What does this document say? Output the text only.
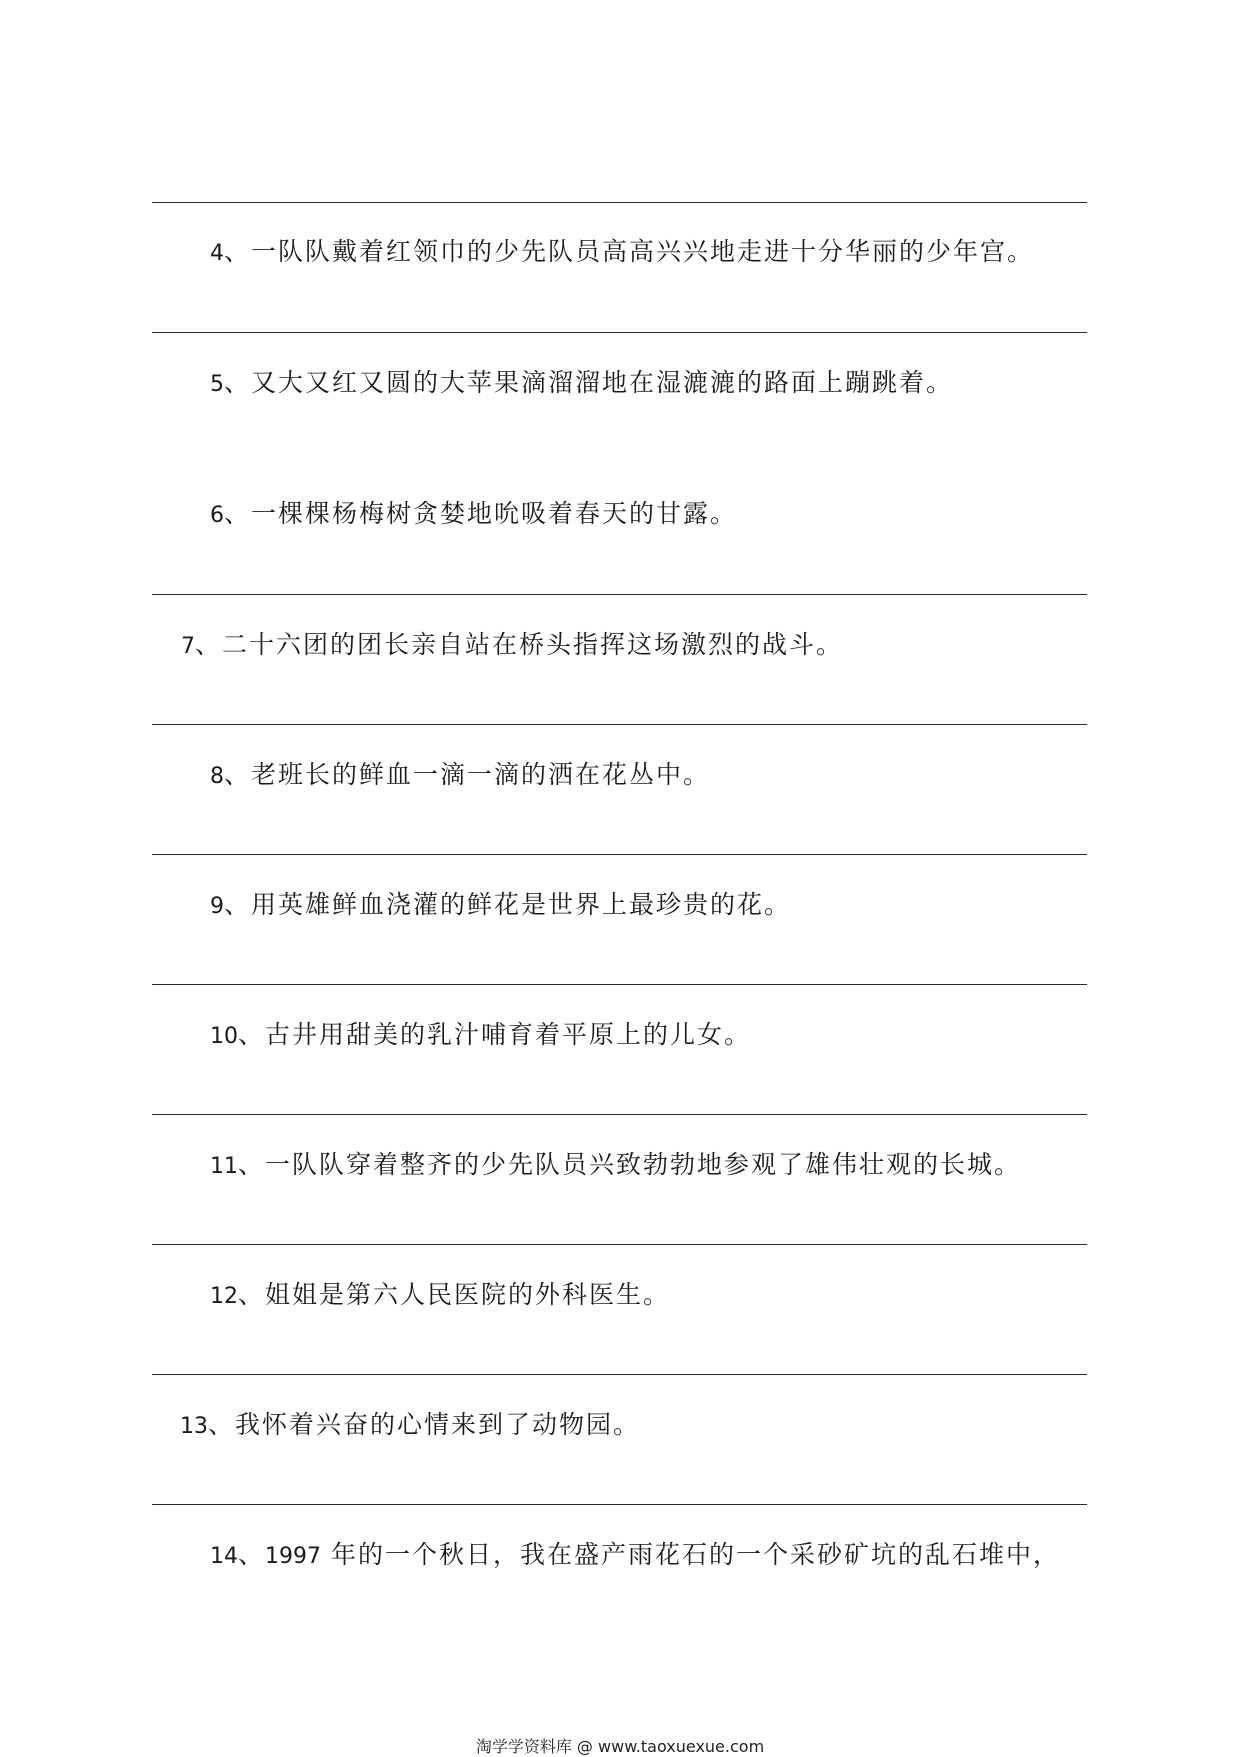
4、一队队戴着红领巾的少先队员高高兴兴地走进十分华丽的少年宫。
5、又大又红又圆的大苹果滴溜溜地在湿漉漉的路面上蹦跳着。
6、一棵棵杨梅树贪婪地吮吸着春天的甘露。
7、二十六团的团长亲自站在桥头指挥这场激烈的战斗。
8、老班长的鲜血一滴一滴的洒在花丛中。
9、用英雄鲜血浇灌的鲜花是世界上最珍贵的花。
10、古井用甜美的乳汁哺育着平原上的儿女。
11、一队队穿着整齐的少先队员兴致勃勃地参观了雄伟壮观的长城。
12、姐姐是第六人民医院的外科医生。
13、我怀着兴奋的心情来到了动物园。
14、1997 年的一个秋日，我在盛产雨花石的一个采砂矿坑的乱石堆中，
淘学学资料库 @ www.taoxuexue.com
